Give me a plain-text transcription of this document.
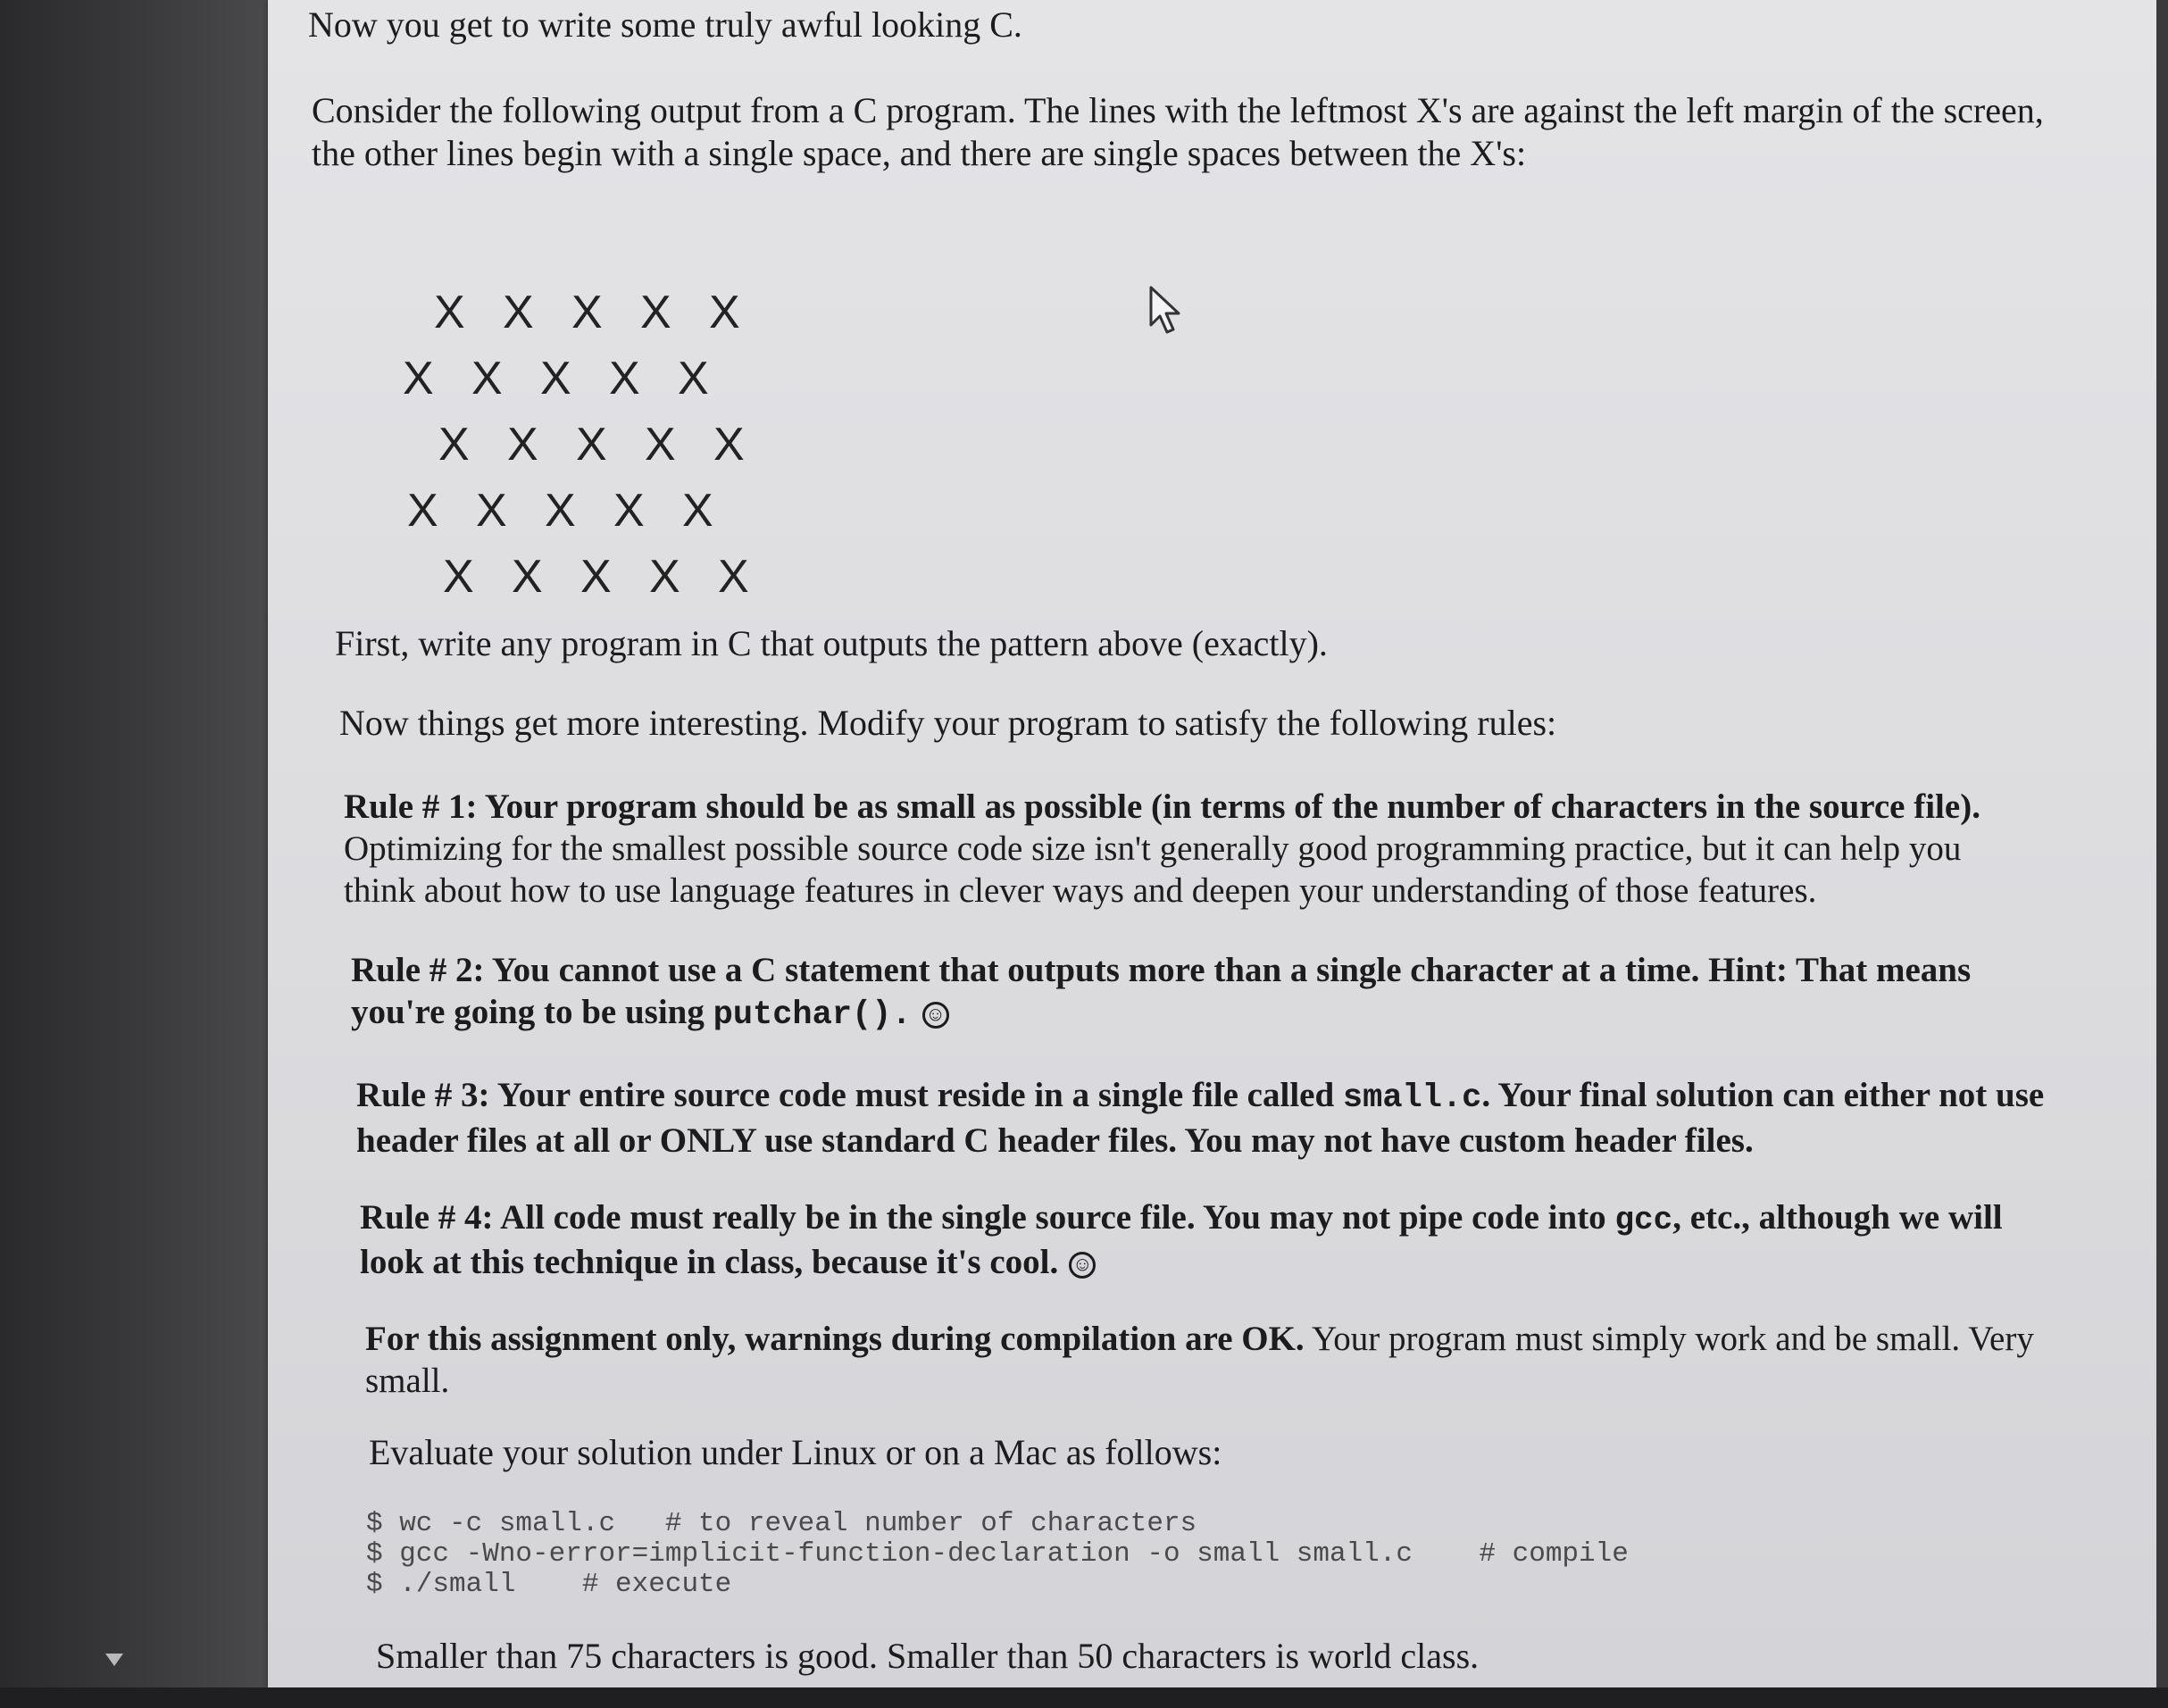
Now you get to write some truly awful looking C.

Consider the following output from a C program. The lines with the leftmost X's are against the left margin of the screen, the other lines begin with a single space, and there are single spaces between the X's:

First, write any program in C that outputs the pattern above (exactly).

Now things get more interesting. Modify your program to satisfy the following rules:

Rule # 1: Your program should be as small as possible (in terms of the number of characters in the source file). Optimizing for the smallest possible source code size isn't generally good programming practice, but it can help you think about how to use language features in clever ways and deepen your understanding of those features.

Rule # 2: You cannot use a C statement that outputs more than a single character at a time. Hint: That means you're going to be using putchar(). ☺

Rule # 3: Your entire source code must reside in a single file called small.c. Your final solution can either not use header files at all or ONLY use standard C header files. You may not have custom header files.

Rule # 4: All code must really be in the single source file. You may not pipe code into gcc, etc., although we will look at this technique in class, because it's cool. ☺

For this assignment only, warnings during compilation are OK. Your program must simply work and be small. Very small.

Evaluate your solution under Linux or on a Mac as follows:

Smaller than 75 characters is good. Smaller than 50 characters is world class.

X X X X X

X X X X X

X X X X X

X X X X X

X X X X X

$ wc -c small.c   # to reveal number of characters
$ gcc -Wno-error=implicit-function-declaration -o small small.c    # compile
$ ./small    # execute
